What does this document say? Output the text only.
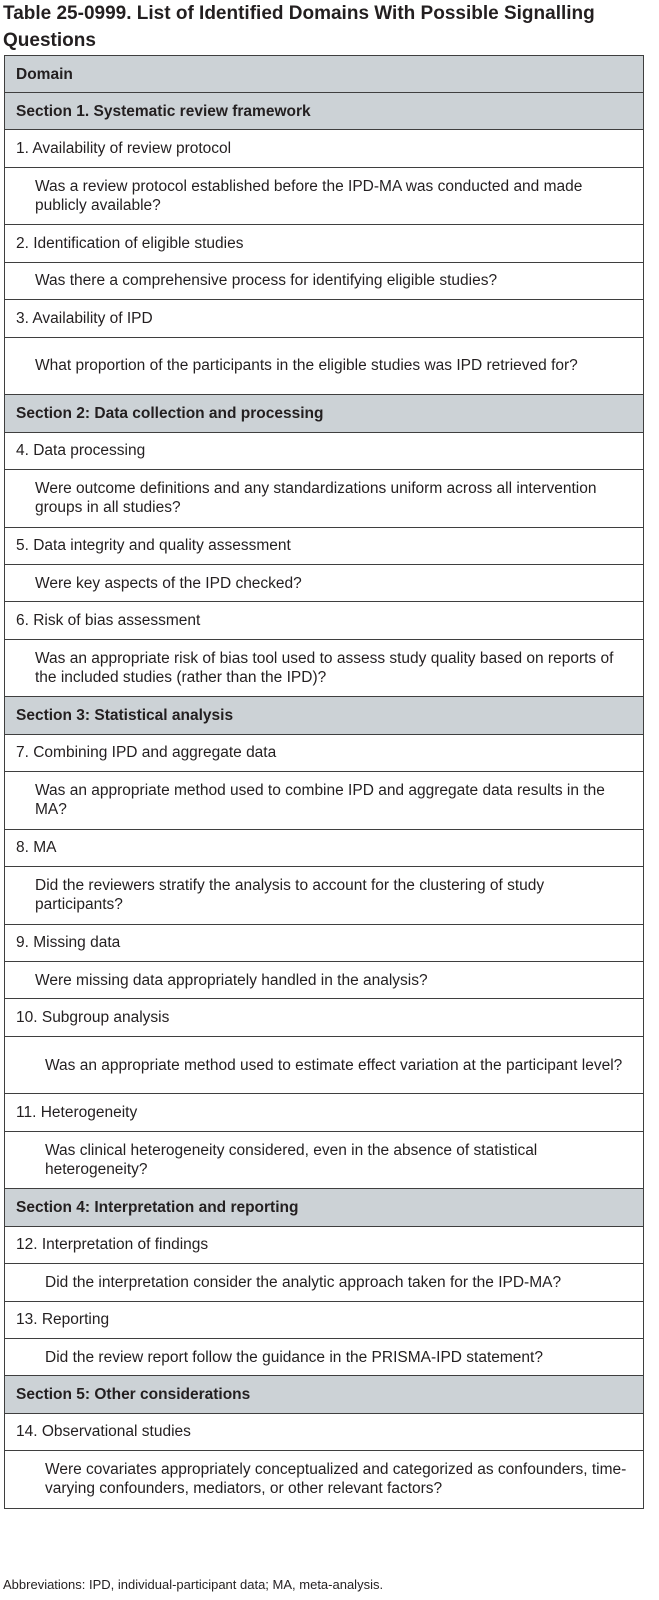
Table 25-0999. List of Identified Domains With Possible Signalling Questions
Domain
Section 1. Systematic review framework
1. Availability of review protocol
Was a review protocol established before the IPD-MA was conducted and made publicly available?
2. Identification of eligible studies
Was there a comprehensive process for identifying eligible studies?
3. Availability of IPD
What proportion of the participants in the eligible studies was IPD retrieved for?
Section 2: Data collection and processing
4. Data processing
Were outcome definitions and any standardizations uniform across all intervention groups in all studies?
5. Data integrity and quality assessment
Were key aspects of the IPD checked?
6. Risk of bias assessment
Was an appropriate risk of bias tool used to assess study quality based on reports of the included studies (rather than the IPD)?
Section 3: Statistical analysis
7. Combining IPD and aggregate data
Was an appropriate method used to combine IPD and aggregate data results in the MA?
8. MA
Did the reviewers stratify the analysis to account for the clustering of study participants?
9. Missing data
Were missing data appropriately handled in the analysis?
10. Subgroup analysis
Was an appropriate method used to estimate effect variation at the participant level?
11. Heterogeneity
Was clinical heterogeneity considered, even in the absence of statistical heterogeneity?
Section 4: Interpretation and reporting
12. Interpretation of findings
Did the interpretation consider the analytic approach taken for the IPD-MA?
13. Reporting
Did the review report follow the guidance in the PRISMA-IPD statement?
Section 5: Other considerations
14. Observational studies
Were covariates appropriately conceptualized and categorized as confounders, time-varying confounders, mediators, or other relevant factors?

Abbreviations: IPD, individual-participant data; MA, meta-analysis.
